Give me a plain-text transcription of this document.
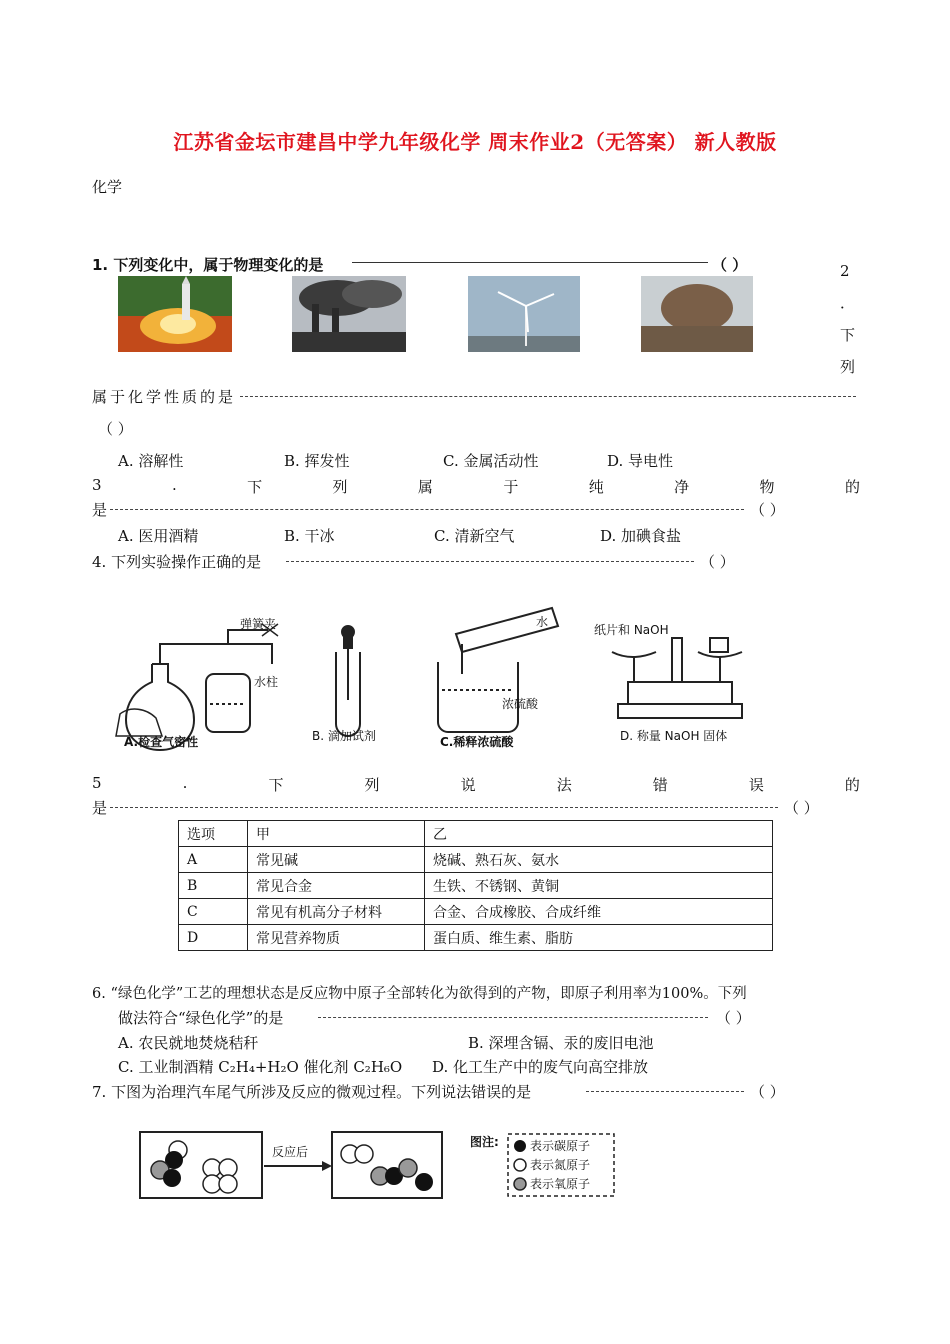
江苏省金坛市建昌中学九年级化学 周末作业2（无答案） 新人教版
化学
1. 下列变化中，属于物理变化的是	（ ）	2
．
下
列
属于化学性质的是
（ ）
A. 溶解性	B. 挥发性	C. 金属活动性	D. 导电性
3	.	下	列	属	于	纯	净	物	的
是	（ ）
A. 医用酒精	B. 干冰	C. 清新空气	D. 加碘食盐
4. 下列实验操作正确的是	（ ）
弹簧夹
水柱
A.检查气密性	B. 滴加试剂
水
浓硫酸
C.稀释浓硫酸
纸片和 NaOH
D. 称量 NaOH 固体
5	.	下	列	说	法	错	误	的
是	（ ）
选项	甲	乙
A	常见碱	烧碱、熟石灰、氨水
B	常见合金	生铁、不锈钢、黄铜
C	常见有机高分子材料	合金、合成橡胶、合成纤维
D	常见营养物质	蛋白质、维生素、脂肪
6. “绿色化学”工艺的理想状态是反应物中原子全部转化为欲得到的产物，即原子利用率为100%。下列
做法符合“绿色化学”的是	（ ）
A. 农民就地焚烧秸秆	B. 深埋含镉、汞的废旧电池
C. 工业制酒精 C₂H₄+H₂O 催化剂 C₂H₆O D. 化工生产中的废气向高空排放
7. 下图为治理汽车尾气所涉及反应的微观过程。下列说法错误的是	（ ）
反应后
图注:	表示碳原子
表示氮原子
表示氧原子
